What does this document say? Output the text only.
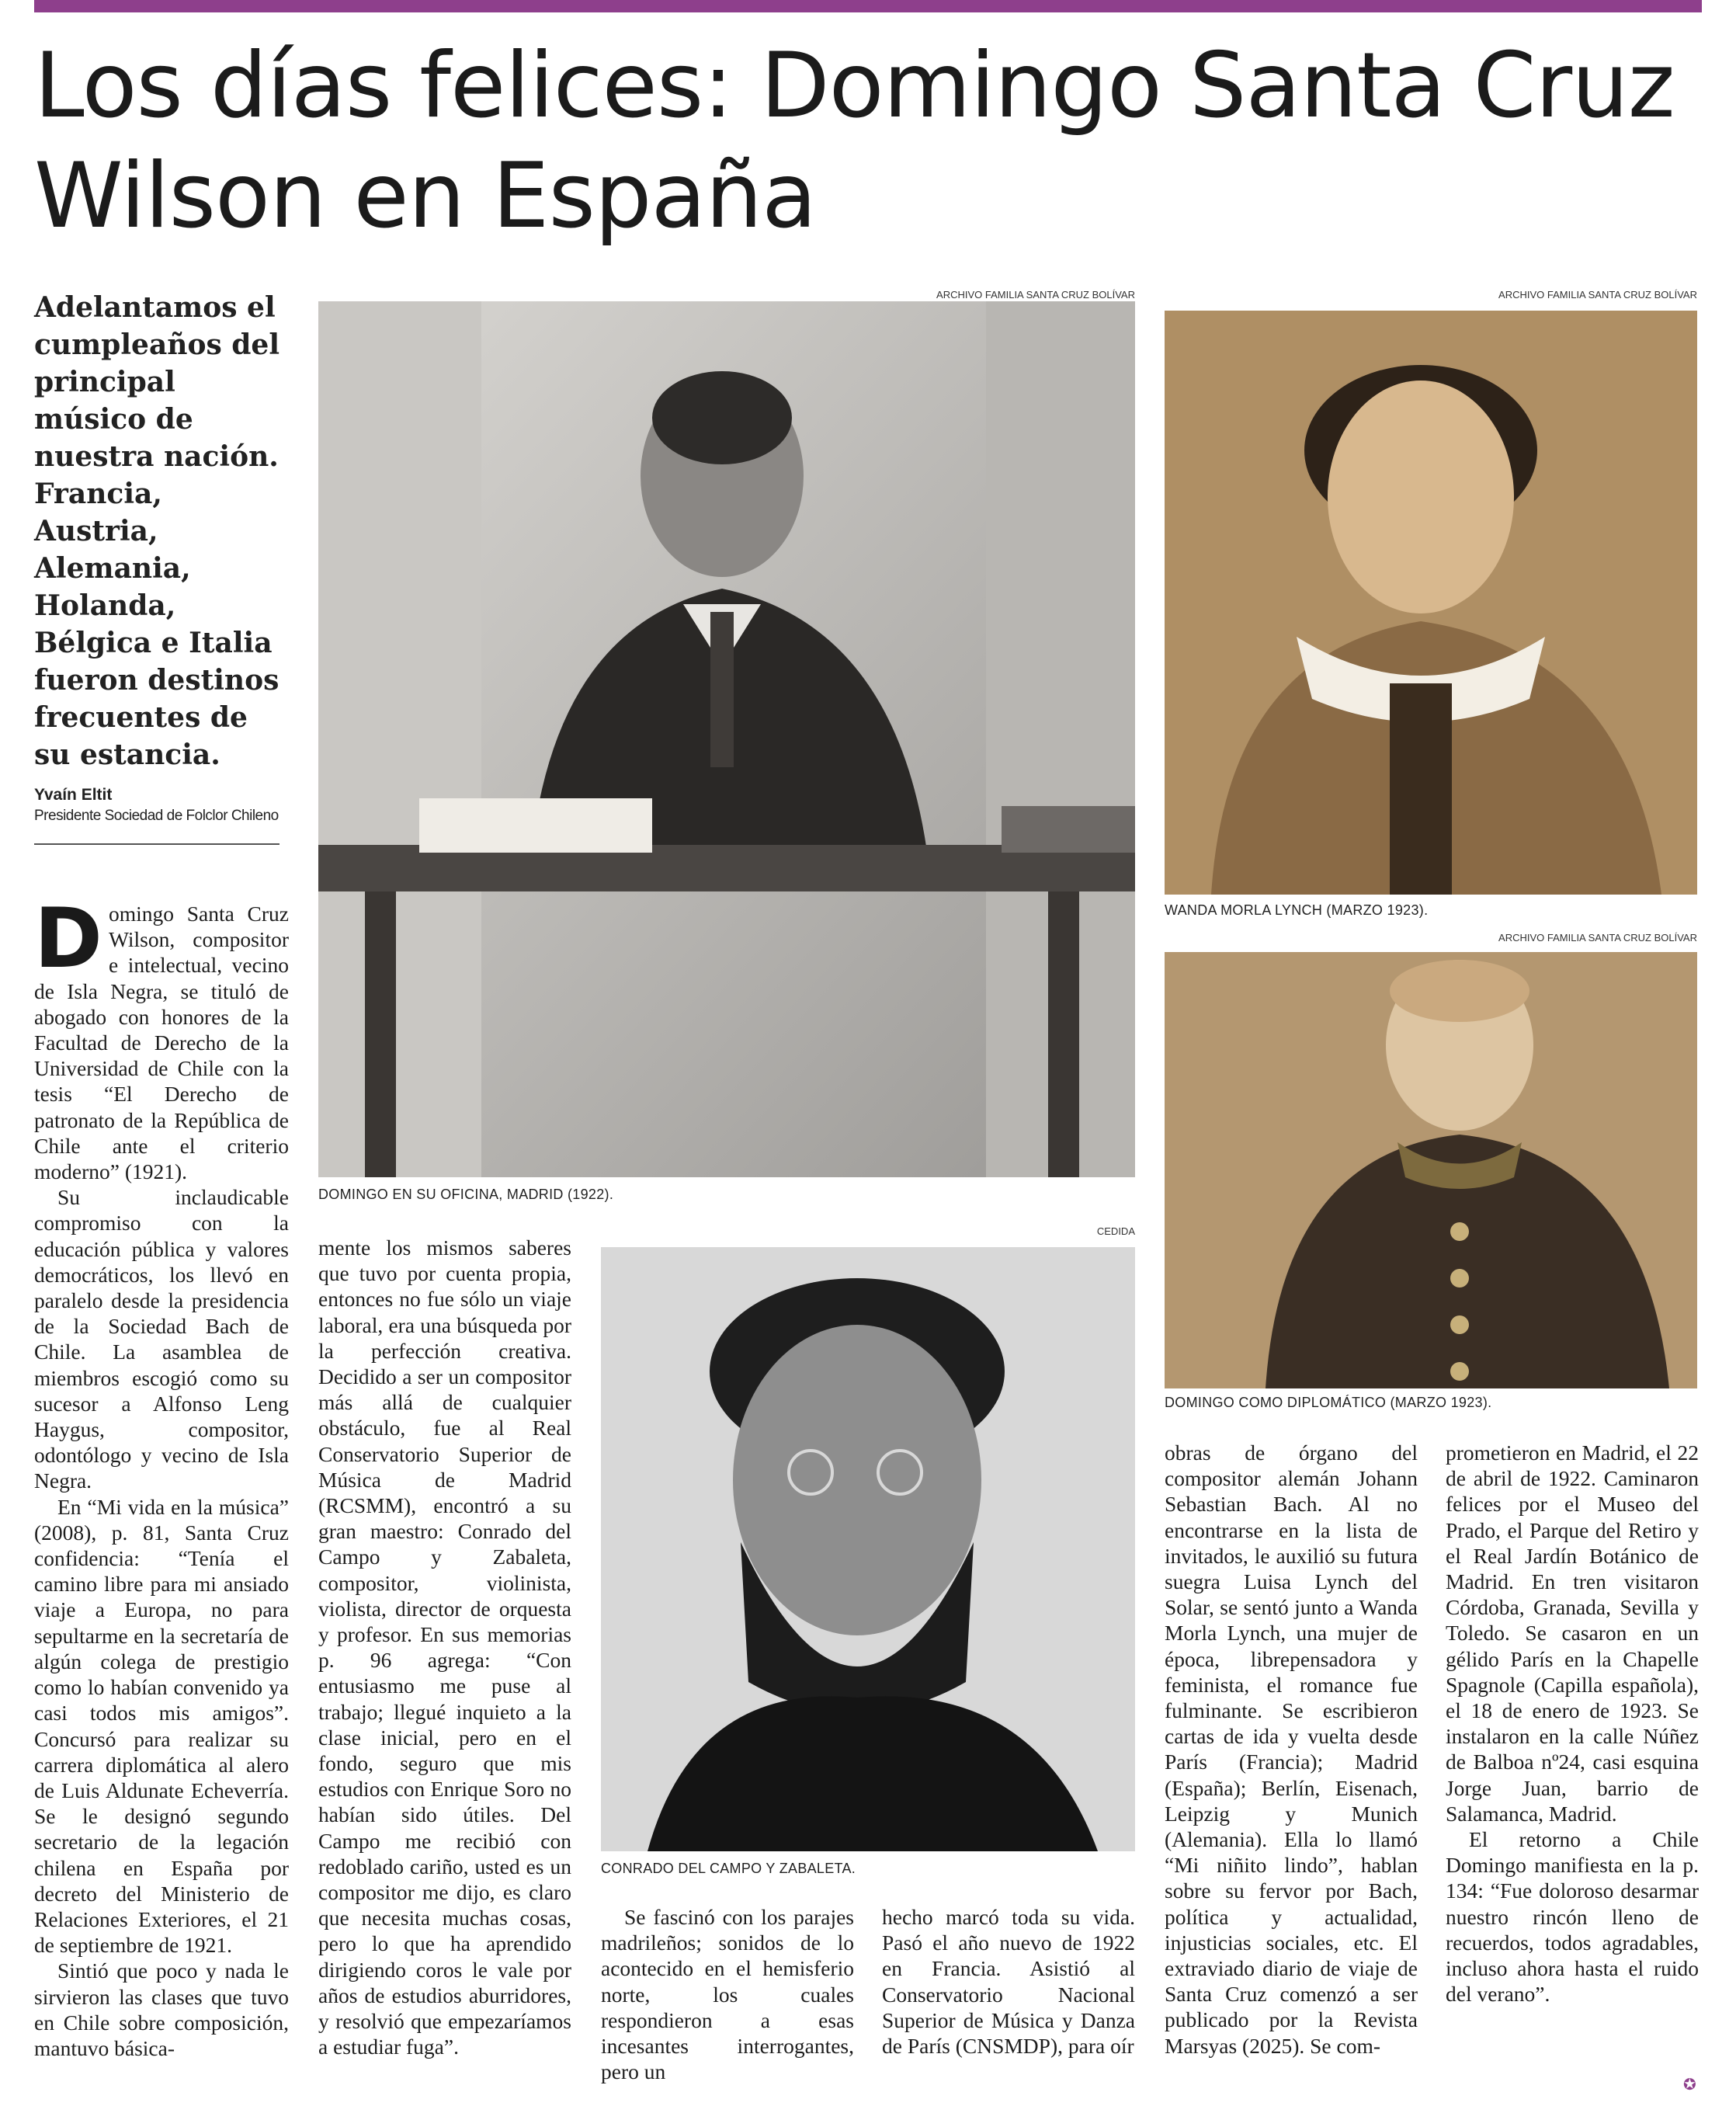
Los días felices: Domingo Santa Cruz Wilson en España
Adelantamos el cumpleaños del principal músico de nuestra nación. Francia, Austria, Alemania, Holanda, Bélgica e Italia fueron destinos frecuentes de su estancia.
Yvaín Eltit
Presidente Sociedad de Folclor Chileno
ARCHIVO FAMILIA SANTA CRUZ BOLÍVAR
DOMINGO EN SU OFICINA, MADRID (1922).
ARCHIVO FAMILIA SANTA CRUZ BOLÍVAR
WANDA MORLA LYNCH (MARZO 1923).
ARCHIVO FAMILIA SANTA CRUZ BOLÍVAR
DOMINGO COMO DIPLOMÁTICO (MARZO 1923).
CEDIDA
CONRADO DEL CAMPO Y ZABALETA.
D omingo Santa Cruz Wilson, compositor e intelectual, vecino de Isla Negra, se tituló de abogado con honores de la Facultad de Derecho de la Universidad de Chile con la tesis “El Derecho de patronato de la República de Chile ante el criterio moderno” (1921).

Su inclaudicable compromiso con la educación pública y valores democráticos, los llevó en paralelo desde la presidencia de la Sociedad Bach de Chile. La asamblea de miembros escogió como su sucesor a Alfonso Leng Haygus, compositor, odontólogo y vecino de Isla Negra.

En “Mi vida en la música” (2008), p. 81, Santa Cruz confidencia: “Tenía el camino libre para mi ansiado viaje a Europa, no para sepultarme en la secretaría de algún colega de prestigio como lo habían convenido ya casi todos mis amigos”. Concursó para realizar su carrera diplomática al alero de Luis Aldunate Echeverría. Se le designó segundo secretario de la legación chilena en España por decreto del Ministerio de Relaciones Exteriores, el 21 de septiembre de 1921.

Sintió que poco y nada le sirvieron las clases que tuvo en Chile sobre composición, mantuvo básica-

mente los mismos saberes que tuvo por cuenta propia, entonces no fue sólo un viaje laboral, era una búsqueda por la perfección creativa. Decidido a ser un compositor más allá de cualquier obstáculo, fue al Real Conservatorio Superior de Música de Madrid (RCSMM), encontró a su gran maestro: Conrado del Campo y Zabaleta, compositor, violinista, violista, director de orquesta y profesor. En sus memorias p. 96 agrega: “Con entusiasmo me puse al trabajo; llegué inquieto a la clase inicial, pero en el fondo, seguro que mis estudios con Enrique Soro no habían sido útiles. Del Campo me recibió con redoblado cariño, usted es un compositor me dijo, es claro que necesita muchas cosas, pero lo que ha aprendido dirigiendo coros le vale por años de estudios aburridores, y resolvió que empezaríamos a estudiar fuga”.

Se fascinó con los parajes madrileños; sonidos de lo acontecido en el hemisferio norte, los cuales respondieron a esas incesantes interrogantes, pero un

hecho marcó toda su vida. Pasó el año nuevo de 1922 en Francia. Asistió al Conservatorio Nacional Superior de Música y Danza de París (CNSMDP), para oír

obras de órgano del compositor alemán Johann Sebastian Bach. Al no encontrarse en la lista de invitados, le auxilió su futura suegra Luisa Lynch del Solar, se sentó junto a Wanda Morla Lynch, una mujer de época, librepensadora y feminista, el romance fue fulminante. Se escribieron cartas de ida y vuelta desde París (Francia); Madrid (España); Berlín, Eisenach, Leipzig y Munich (Alemania). Ella lo llamó “Mi niñito lindo”, hablan sobre su fervor por Bach, política y actualidad, injusticias sociales, etc. El extraviado diario de viaje de Santa Cruz comenzó a ser publicado por la Revista Marsyas (2025). Se com-

prometieron en Madrid, el 22 de abril de 1922. Caminaron felices por el Museo del Prado, el Parque del Retiro y el Real Jardín Botánico de Madrid. En tren visitaron Córdoba, Granada, Sevilla y Toledo. Se casaron en un gélido París en la Chapelle Spagnole (Capilla española), el 18 de enero de 1923. Se instalaron en la calle Núñez de Balboa nº24, casi esquina Jorge Juan, barrio de Salamanca, Madrid.

El retorno a Chile Domingo manifiesta en la p. 134: “Fue doloroso desarmar nuestro rincón lleno de recuerdos, todos agradables, incluso ahora hasta el ruido del verano”.

✪
